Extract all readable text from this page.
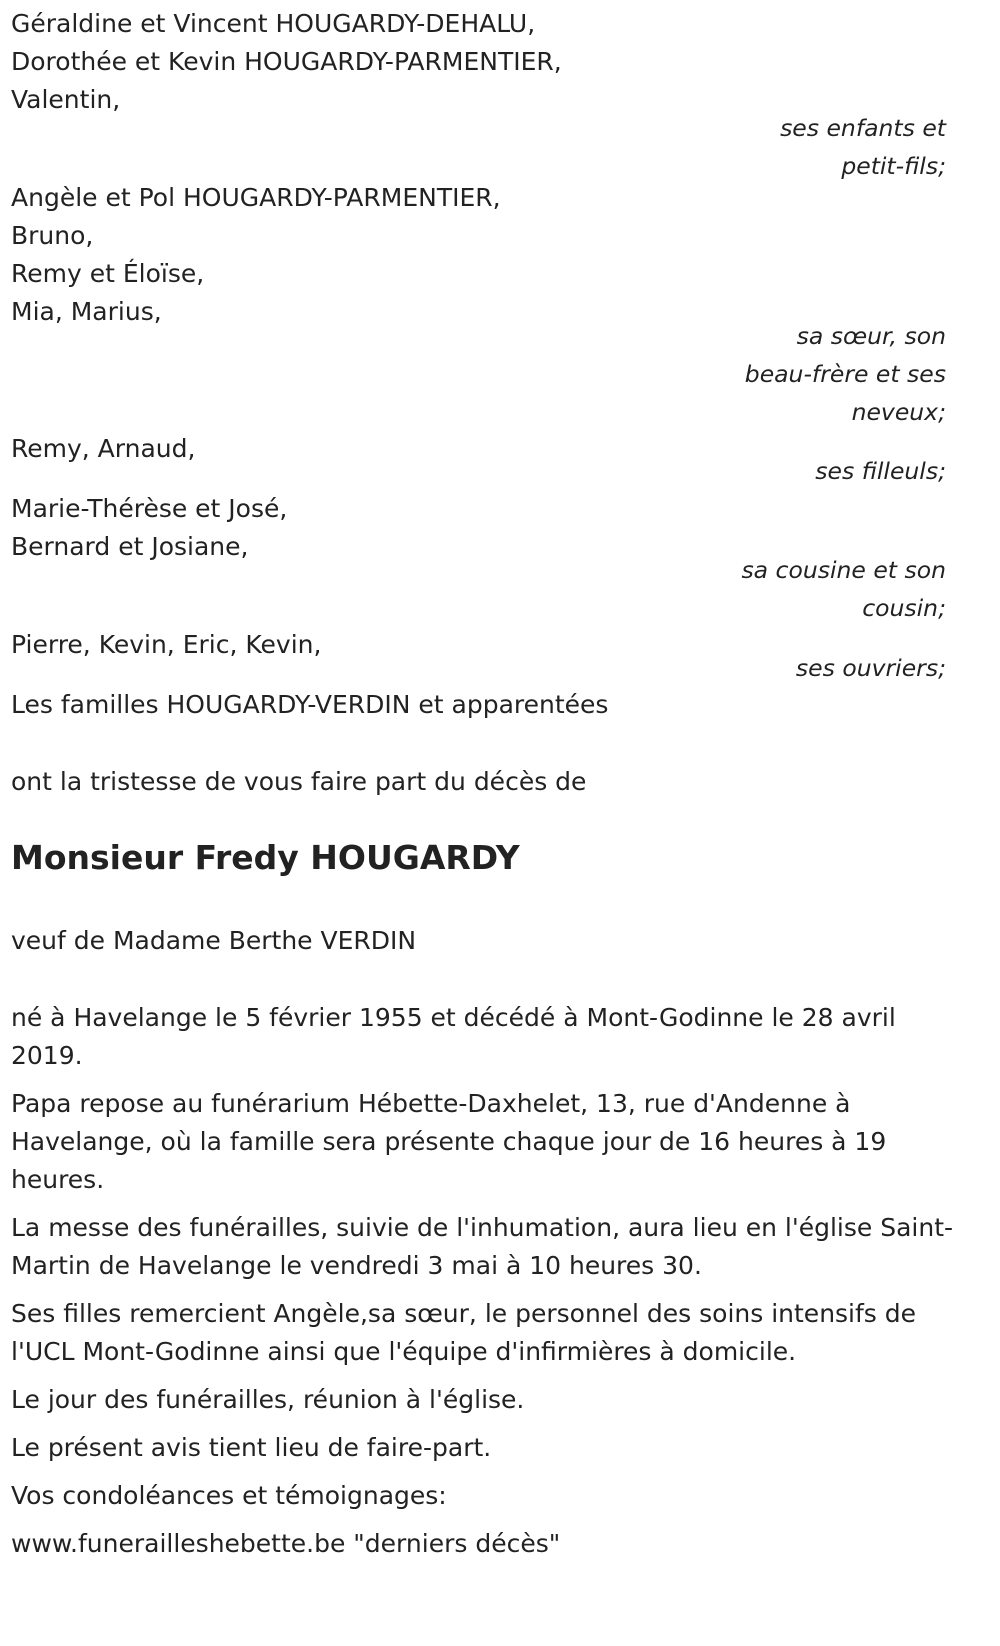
Géraldine et Vincent HOUGARDY-DEHALU,
Dorothée et Kevin HOUGARDY-PARMENTIER,
Valentin,
ses enfants et
petit-fils;
Angèle et Pol HOUGARDY-PARMENTIER,
Bruno,
Remy et Éloïse,
Mia, Marius,
sa sœur, son
beau-frère et ses
neveux;
Remy, Arnaud,
ses filleuls;
Marie-Thérèse et José,
Bernard et Josiane,
sa cousine et son
cousin;
Pierre, Kevin, Eric, Kevin,
ses ouvriers;
Les familles HOUGARDY-VERDIN et apparentées
ont la tristesse de vous faire part du décès de
Monsieur Fredy HOUGARDY
veuf de Madame Berthe VERDIN
né à Havelange le 5 février 1955 et décédé à Mont-Godinne le 28 avril 2019.
Papa repose au funérarium Hébette-Daxhelet, 13, rue d'Andenne à Havelange, où la famille sera présente chaque jour de 16 heures à 19 heures.
La messe des funérailles, suivie de l'inhumation, aura lieu en l'église Saint-Martin de Havelange le vendredi 3 mai à 10 heures 30.
Ses filles remercient Angèle,sa sœur, le personnel des soins intensifs de l'UCL Mont-Godinne ainsi que l'équipe d'infirmières à domicile.
Le jour des funérailles, réunion à l'église.
Le présent avis tient lieu de faire-part.
Vos condoléances et témoignages:
www.funerailleshebette.be "derniers décès"
